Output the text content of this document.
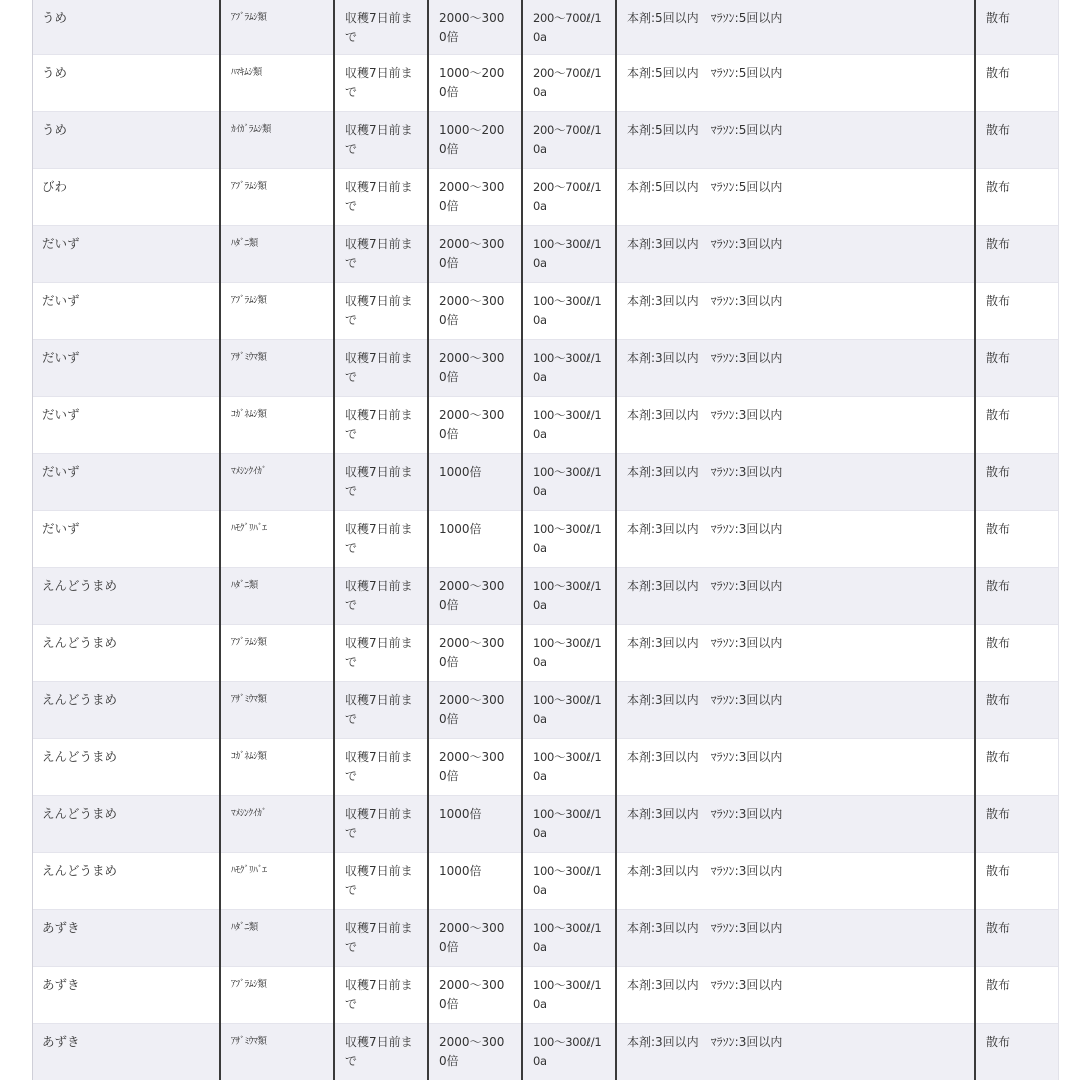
うめ	ｱﾌﾞﾗﾑｼ類	収穫7日前まで	2000～3000倍	200～700ℓ/10a	本剤:5回以内　ﾏﾗｿﾝ:5回以内	散布

うめ	ﾊﾏｷﾑｼ類	収穫7日前まで	1000～2000倍	200～700ℓ/10a	本剤:5回以内　ﾏﾗｿﾝ:5回以内	散布

うめ	ｶｲｶﾞﾗﾑｼ類	収穫7日前まで	1000～2000倍	200～700ℓ/10a	本剤:5回以内　ﾏﾗｿﾝ:5回以内	散布

びわ	ｱﾌﾞﾗﾑｼ類	収穫7日前まで	2000～3000倍	200～700ℓ/10a	本剤:5回以内　ﾏﾗｿﾝ:5回以内	散布

だいず	ﾊﾀﾞﾆ類	収穫7日前まで	2000～3000倍	100～300ℓ/10a	本剤:3回以内　ﾏﾗｿﾝ:3回以内	散布

だいず	ｱﾌﾞﾗﾑｼ類	収穫7日前まで	2000～3000倍	100～300ℓ/10a	本剤:3回以内　ﾏﾗｿﾝ:3回以内	散布

だいず	ｱｻﾞﾐｳﾏ類	収穫7日前まで	2000～3000倍	100～300ℓ/10a	本剤:3回以内　ﾏﾗｿﾝ:3回以内	散布

だいず	ｺｶﾞﾈﾑｼ類	収穫7日前まで	2000～3000倍	100～300ℓ/10a	本剤:3回以内　ﾏﾗｿﾝ:3回以内	散布

だいず	ﾏﾒｼﾝｸｲｶﾞ	収穫7日前まで	1000倍	100～300ℓ/10a	本剤:3回以内　ﾏﾗｿﾝ:3回以内	散布

だいず	ﾊﾓｸﾞﾘﾊﾞｴ	収穫7日前まで	1000倍	100～300ℓ/10a	本剤:3回以内　ﾏﾗｿﾝ:3回以内	散布

えんどうまめ	ﾊﾀﾞﾆ類	収穫7日前まで	2000～3000倍	100～300ℓ/10a	本剤:3回以内　ﾏﾗｿﾝ:3回以内	散布

えんどうまめ	ｱﾌﾞﾗﾑｼ類	収穫7日前まで	2000～3000倍	100～300ℓ/10a	本剤:3回以内　ﾏﾗｿﾝ:3回以内	散布

えんどうまめ	ｱｻﾞﾐｳﾏ類	収穫7日前まで	2000～3000倍	100～300ℓ/10a	本剤:3回以内　ﾏﾗｿﾝ:3回以内	散布

えんどうまめ	ｺｶﾞﾈﾑｼ類	収穫7日前まで	2000～3000倍	100～300ℓ/10a	本剤:3回以内　ﾏﾗｿﾝ:3回以内	散布

えんどうまめ	ﾏﾒｼﾝｸｲｶﾞ	収穫7日前まで	1000倍	100～300ℓ/10a	本剤:3回以内　ﾏﾗｿﾝ:3回以内	散布

えんどうまめ	ﾊﾓｸﾞﾘﾊﾞｴ	収穫7日前まで	1000倍	100～300ℓ/10a	本剤:3回以内　ﾏﾗｿﾝ:3回以内	散布

あずき	ﾊﾀﾞﾆ類	収穫7日前まで	2000～3000倍	100～300ℓ/10a	本剤:3回以内　ﾏﾗｿﾝ:3回以内	散布

あずき	ｱﾌﾞﾗﾑｼ類	収穫7日前まで	2000～3000倍	100～300ℓ/10a	本剤:3回以内　ﾏﾗｿﾝ:3回以内	散布

あずき	ｱｻﾞﾐｳﾏ類	収穫7日前まで	2000～3000倍	100～300ℓ/10a	本剤:3回以内　ﾏﾗｿﾝ:3回以内	散布
